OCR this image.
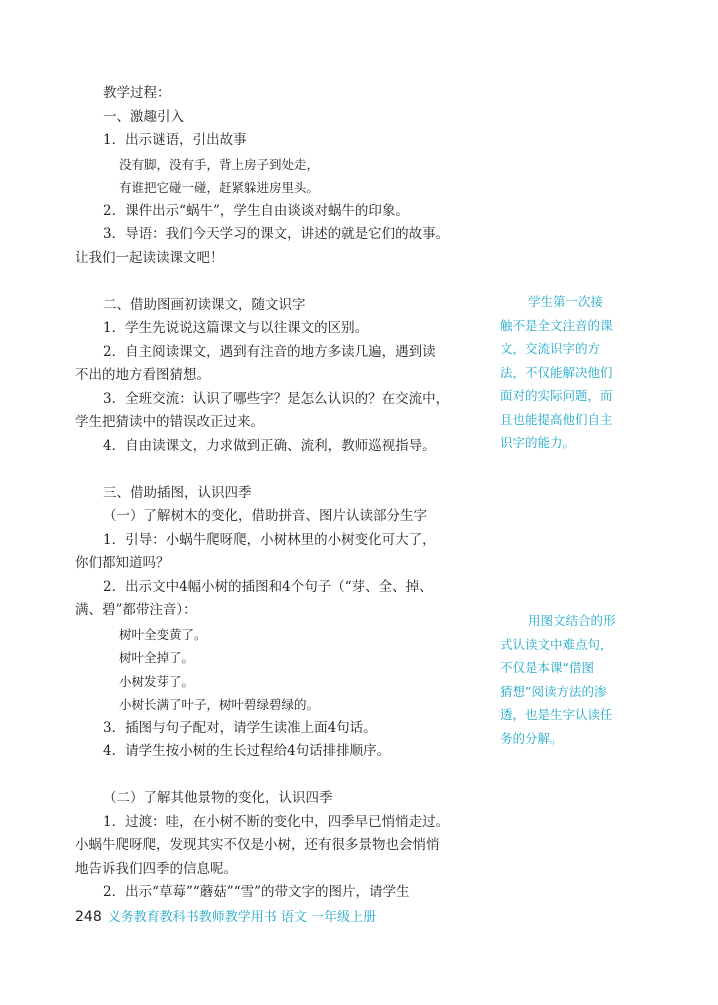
教学过程：

一、激趣引入

1．出示谜语，引出故事

没有脚，没有手，背上房子到处走，

有谁把它碰一碰，赶紧躲进房里头。

2．课件出示“蜗牛”，学生自由谈谈对蜗牛的印象。

3．导语：我们今天学习的课文，讲述的就是它们的故事。

让我们一起读读课文吧！

二、借助图画初读课文，随文识字

1．学生先说说这篇课文与以往课文的区别。

2．自主阅读课文，遇到有注音的地方多读几遍，遇到读

不出的地方看图猜想。

3．全班交流：认识了哪些字？是怎么认识的？在交流中，

学生把猜读中的错误改正过来。

4．自由读课文，力求做到正确、流利，教师巡视指导。

三、借助插图，认识四季

（一）了解树木的变化，借助拼音、图片认读部分生字

1．引导：小蜗牛爬呀爬，小树林里的小树变化可大了，

你们都知道吗？

2．出示文中4幅小树的插图和4个句子（“芽、全、掉、

满、碧”都带注音）：

树叶全变黄了。

树叶全掉了。

小树发芽了。

小树长满了叶子，树叶碧绿碧绿的。

3．插图与句子配对，请学生读准上面4句话。

4．请学生按小树的生长过程给4句话排排顺序。

（二）了解其他景物的变化，认识四季

1．过渡：哇，在小树不断的变化中，四季早已悄悄走过。

小蜗牛爬呀爬，发现其实不仅是小树，还有很多景物也会悄悄

地告诉我们四季的信息呢。

2．出示“草莓”“蘑菇”“雪”的带文字的图片，请学生

学生第一次接

触不是全文注音的课

文，交流识字的方

法，不仅能解决他们

面对的实际问题，而

且也能提高他们自主

识字的能力。

用图文结合的形

式认读文中难点句，

不仅是本课“借图

猜想”阅读方法的渗

透，也是生字认读任

务的分解。

248 义务教育教科书教师教学用书 语文 一年级上册
